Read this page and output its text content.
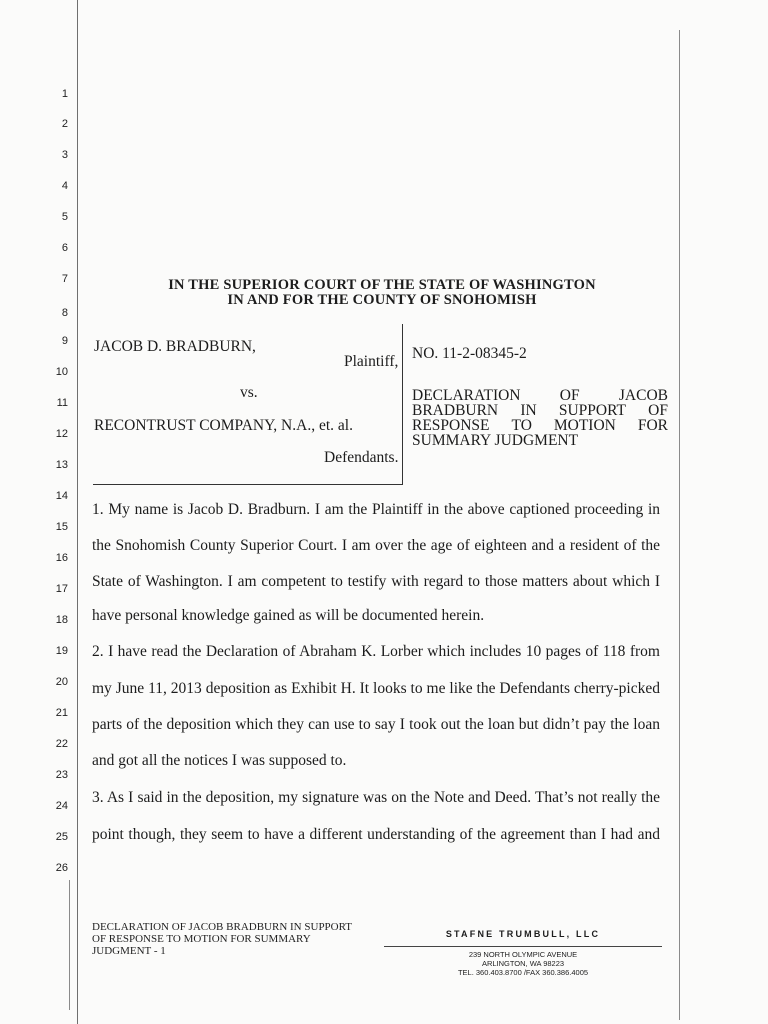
1
2
3
4
5
6
7
8
9
10
11
12
13
14
15
16
17
18
19
20
21
22
23
24
25
26
IN THE SUPERIOR COURT OF THE STATE OF WASHINGTON
IN AND FOR THE COUNTY OF SNOHOMISH
JACOB D. BRADBURN,
Plaintiff,
vs.
RECONTRUST COMPANY, N.A., et. al.
Defendants.
NO. 11-2-08345-2
DECLARATION	OF	JACOB
BRADBURN IN SUPPORT OF
RESPONSE TO MOTION FOR
SUMMARY JUDGMENT
1. My name is Jacob D. Bradburn. I am the Plaintiff in the above captioned proceeding in
the Snohomish County Superior Court. I am over the age of eighteen and a resident of the
State of Washington. I am competent to testify with regard to those matters about which I
have personal knowledge gained as will be documented herein.
2. I have read the Declaration of Abraham K. Lorber which includes 10 pages of 118 from
my June 11, 2013 deposition as Exhibit H. It looks to me like the Defendants cherry-picked
parts of the deposition which they can use to say I took out the loan but didn’t pay the loan
and got all the notices I was supposed to.
3. As I said in the deposition, my signature was on the Note and Deed. That’s not really the
point though, they seem to have a different understanding of the agreement than I had and
DECLARATION OF JACOB BRADBURN IN SUPPORT
OF RESPONSE TO MOTION FOR SUMMARY
JUDGMENT - 1
STAFNE TRUMBULL, LLC
239 NORTH OLYMPIC AVENUE
ARLINGTON, WA 98223
TEL. 360.403.8700 /FAX 360.386.4005
